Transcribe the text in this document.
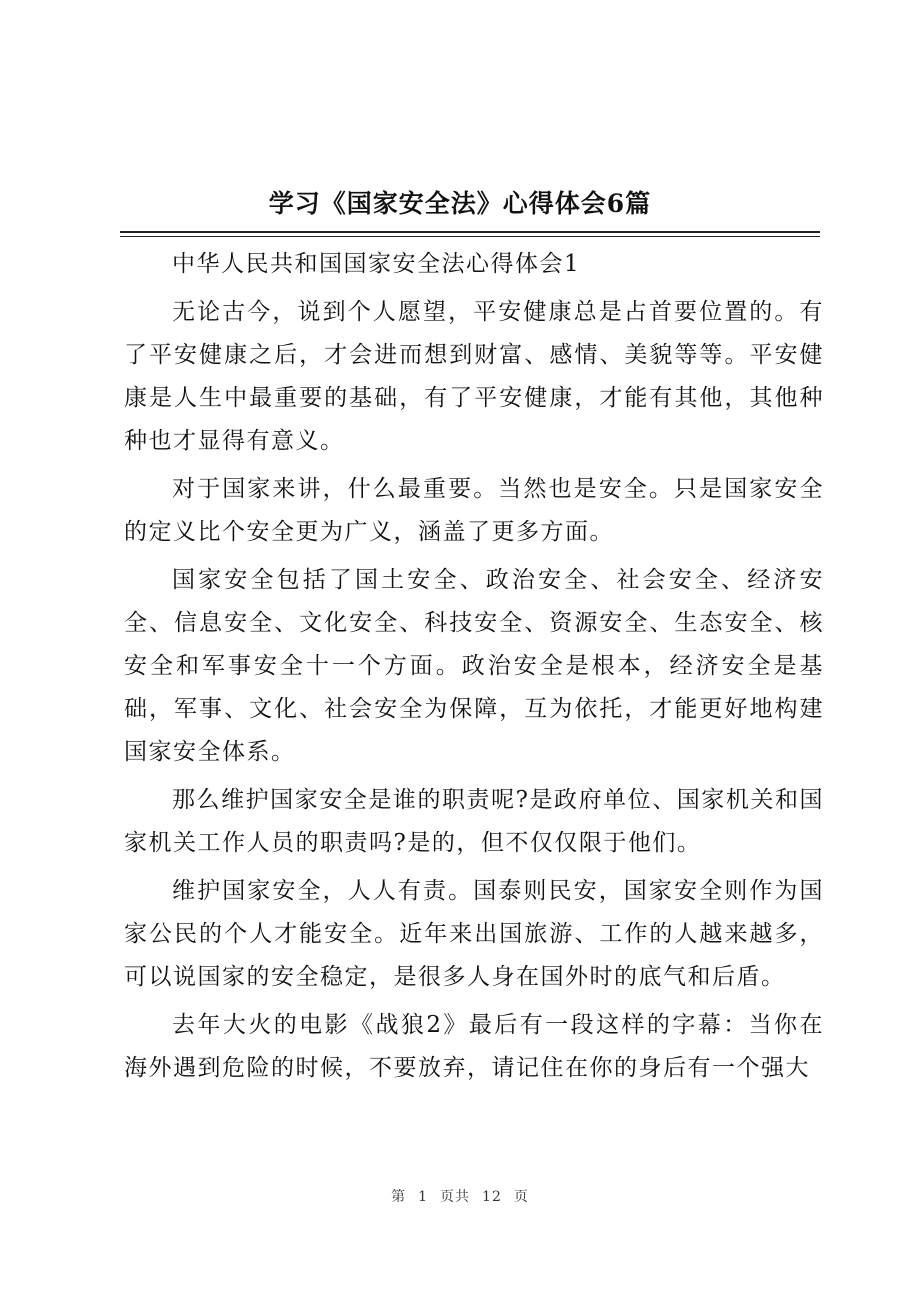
学习《国家安全法》心得体会6篇

中华人民共和国国家安全法心得体会1

无论古今，说到个人愿望，平安健康总是占首要位置的。有了平安健康之后，才会进而想到财富、感情、美貌等等。平安健康是人生中最重要的基础，有了平安健康，才能有其他，其他种种也才显得有意义。

对于国家来讲，什么最重要。当然也是安全。只是国家安全的定义比个安全更为广义，涵盖了更多方面。

国家安全包括了国土安全、政治安全、社会安全、经济安全、信息安全、文化安全、科技安全、资源安全、生态安全、核安全和军事安全十一个方面。政治安全是根本，经济安全是基础，军事、文化、社会安全为保障，互为依托，才能更好地构建国家安全体系。

那么维护国家安全是谁的职责呢?是政府单位、国家机关和国家机关工作人员的职责吗?是的，但不仅仅限于他们。

维护国家安全，人人有责。国泰则民安，国家安全则作为国家公民的个人才能安全。近年来出国旅游、工作的人越来越多，可以说国家的安全稳定，是很多人身在国外时的底气和后盾。

去年大火的电影《战狼2》最后有一段这样的字幕：当你在海外遇到危险的时候，不要放弃，请记住在你的身后有一个强大

第 1 页共 12 页
